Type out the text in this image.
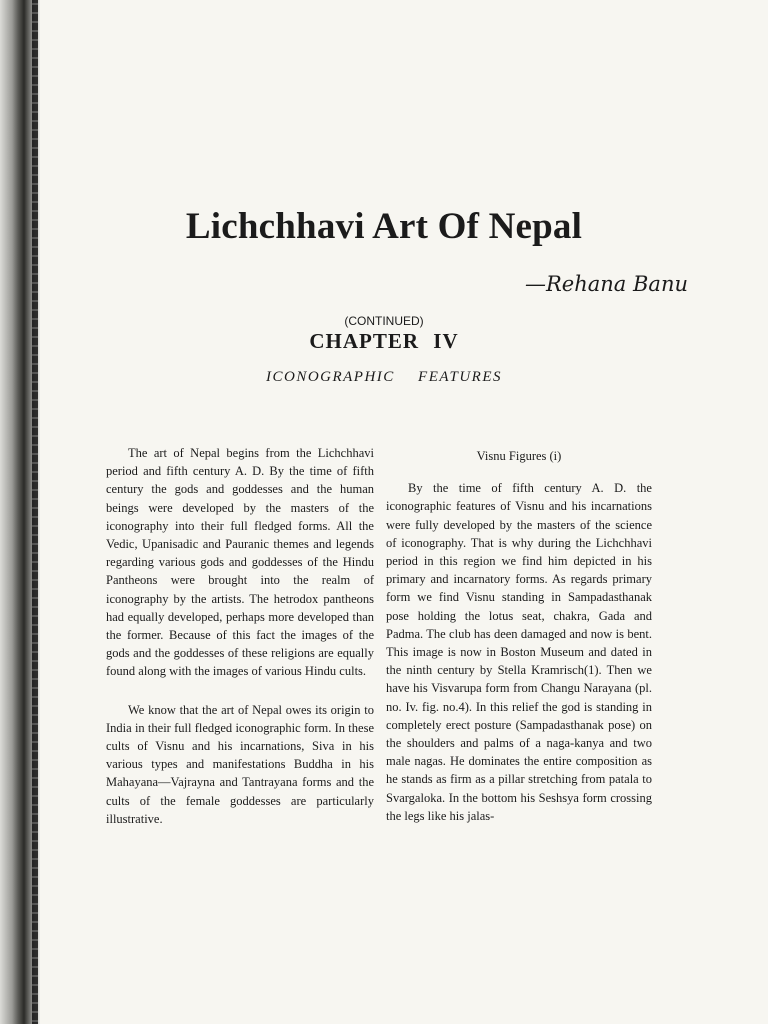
Lichchhavi Art Of Nepal

—Rehana Banu

(CONTINUED)

CHAPTER IV

ICONOGRAPHIC FEATURES

The art of Nepal begins from the Lichchhavi period and fifth century A. D. By the time of fifth century the gods and goddesses and the human beings were developed by the masters of the iconography into their full fledged forms. All the Vedic, Upanisadic and Pauranic themes and legends regarding various gods and goddesses of the Hindu Pantheons were brought into the realm of iconography by the artists. The hetrodox pantheons had equally developed, perhaps more developed than the former. Because of this fact the images of the gods and the goddesses of these religions are equally found along with the images of various Hindu cults.

We know that the art of Nepal owes its origin to India in their full fledged iconographic form. In these cults of Visnu and his incarnations, Siva in his various types and manifestations Buddha in his Mahayana—Vajrayna and Tantrayana forms and the cults of the female goddesses are particularly illustrative.

Visnu Figures (i)

By the time of fifth century A. D. the iconographic features of Visnu and his incarnations were fully developed by the masters of the science of iconography. That is why during the Lichchhavi period in this region we find him depicted in his primary and incarnatory forms. As regards primary form we find Visnu standing in Sampadasthanak pose holding the lotus seat, chakra, Gada and Padma. The club has deen damaged and now is bent. This image is now in Boston Museum and dated in the ninth century by Stella Kramrisch(1). Then we have his Visvarupa form from Changu Narayana (pl. no. Iv. fig. no.4). In this relief the god is standing in completely erect posture (Sampadasthanak pose) on the shoulders and palms of a naga-kanya and two male nagas. He dominates the entire composition as he stands as firm as a pillar stretching from patala to Svargaloka. In the bottom his Seshsya form crossing the legs like his jalas-
